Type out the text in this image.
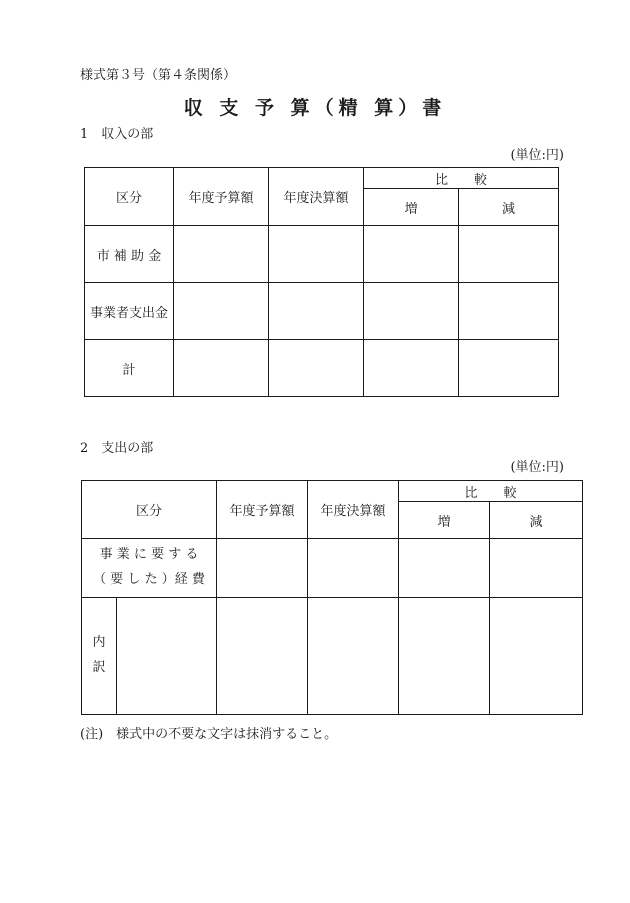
様式第３号（第４条関係）
収 支 予 算（精 算）書
1　収入の部
(単位:円)
区分	年度予算額	年度決算額	比　　較	
			増	減
市 補 助 金				
事業者支出金				
計				
2　支出の部
(単位:円)
区分		年度予算額	年度決算額	比　　較	
				増	減

事 業 に 要 す る
（ 要 し た ）経 費					

内
訳					

(注)　様式中の不要な文字は抹消すること。
